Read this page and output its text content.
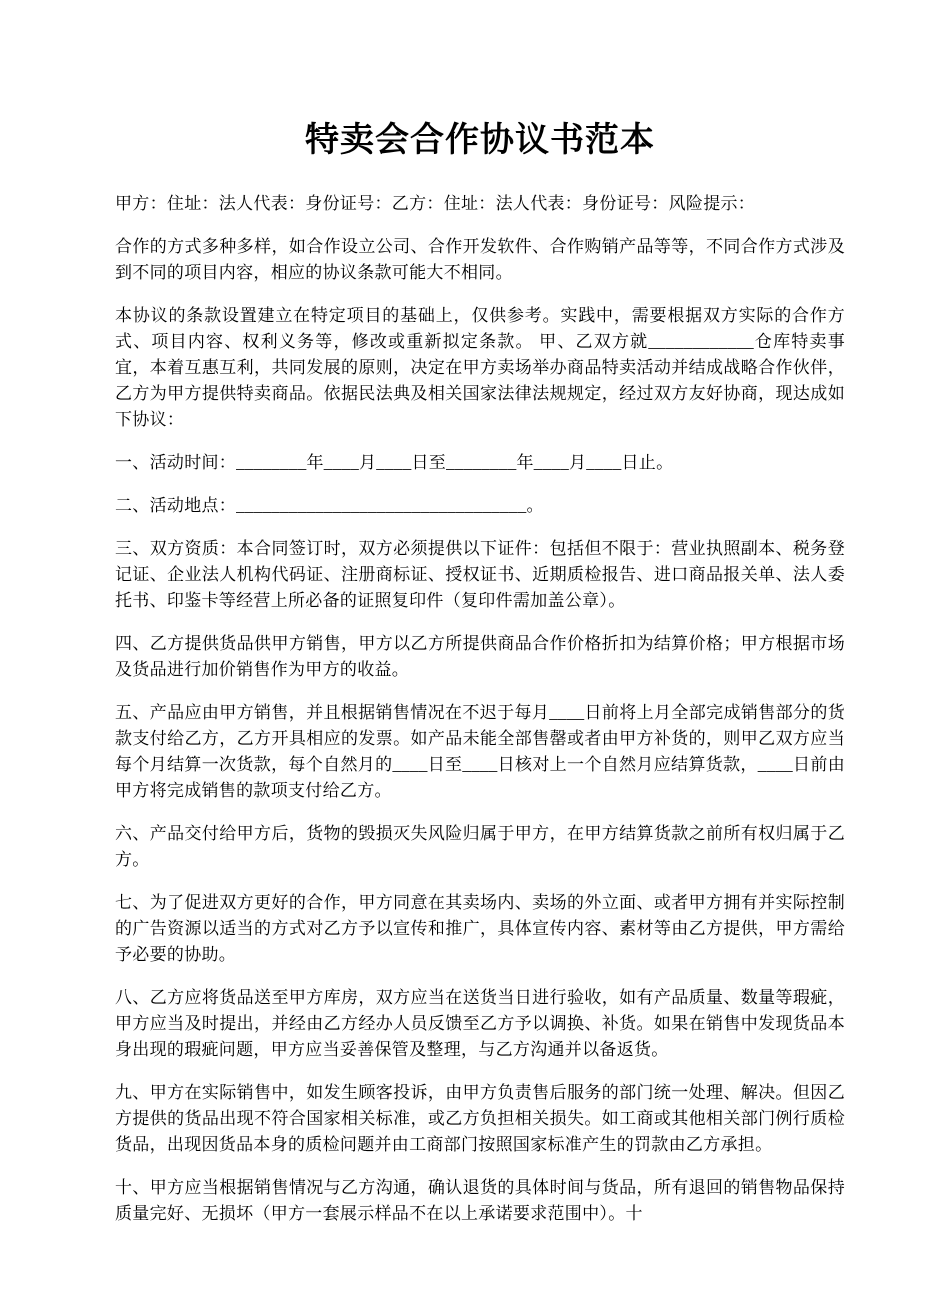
特卖会合作协议书范本

甲方：住址：法人代表：身份证号：乙方：住址：法人代表：身份证号：风险提示：

合作的方式多种多样，如合作设立公司、合作开发软件、合作购销产品等等，不同合作方式涉及到不同的项目内容，相应的协议条款可能大不相同。

本协议的条款设置建立在特定项目的基础上，仅供参考。实践中，需要根据双方实际的合作方式、项目内容、权利义务等，修改或重新拟定条款。 甲、乙双方就____________仓库特卖事宜，本着互惠互利，共同发展的原则，决定在甲方卖场举办商品特卖活动并结成战略合作伙伴，乙方为甲方提供特卖商品。依据民法典及相关国家法律法规规定，经过双方友好协商，现达成如下协议：

一、活动时间：________年____月____日至________年____月____日止。

二、活动地点：_________________________________。

三、双方资质：本合同签订时，双方必须提供以下证件：包括但不限于：营业执照副本、税务登记证、企业法人机构代码证、注册商标证、授权证书、近期质检报告、进口商品报关单、法人委托书、印鉴卡等经营上所必备的证照复印件（复印件需加盖公章）。

四、乙方提供货品供甲方销售，甲方以乙方所提供商品合作价格折扣为结算价格；甲方根据市场及货品进行加价销售作为甲方的收益。

五、产品应由甲方销售，并且根据销售情况在不迟于每月____日前将上月全部完成销售部分的货款支付给乙方，乙方开具相应的发票。如产品未能全部售罄或者由甲方补货的，则甲乙双方应当每个月结算一次货款，每个自然月的____日至____日核对上一个自然月应结算货款，____日前由甲方将完成销售的款项支付给乙方。

六、产品交付给甲方后，货物的毁损灭失风险归属于甲方，在甲方结算货款之前所有权归属于乙方。

七、为了促进双方更好的合作，甲方同意在其卖场内、卖场的外立面、或者甲方拥有并实际控制的广告资源以适当的方式对乙方予以宣传和推广，具体宣传内容、素材等由乙方提供，甲方需给予必要的协助。

八、乙方应将货品送至甲方库房，双方应当在送货当日进行验收，如有产品质量、数量等瑕疵，甲方应当及时提出，并经由乙方经办人员反馈至乙方予以调换、补货。如果在销售中发现货品本身出现的瑕疵问题，甲方应当妥善保管及整理，与乙方沟通并以备返货。

九、甲方在实际销售中，如发生顾客投诉，由甲方负责售后服务的部门统一处理、解决。但因乙方提供的货品出现不符合国家相关标准，或乙方负担相关损失。如工商或其他相关部门例行质检货品，出现因货品本身的质检问题并由工商部门按照国家标准产生的罚款由乙方承担。

十、甲方应当根据销售情况与乙方沟通，确认退货的具体时间与货品，所有退回的销售物品保持质量完好、无损坏（甲方一套展示样品不在以上承诺要求范围中）。十
